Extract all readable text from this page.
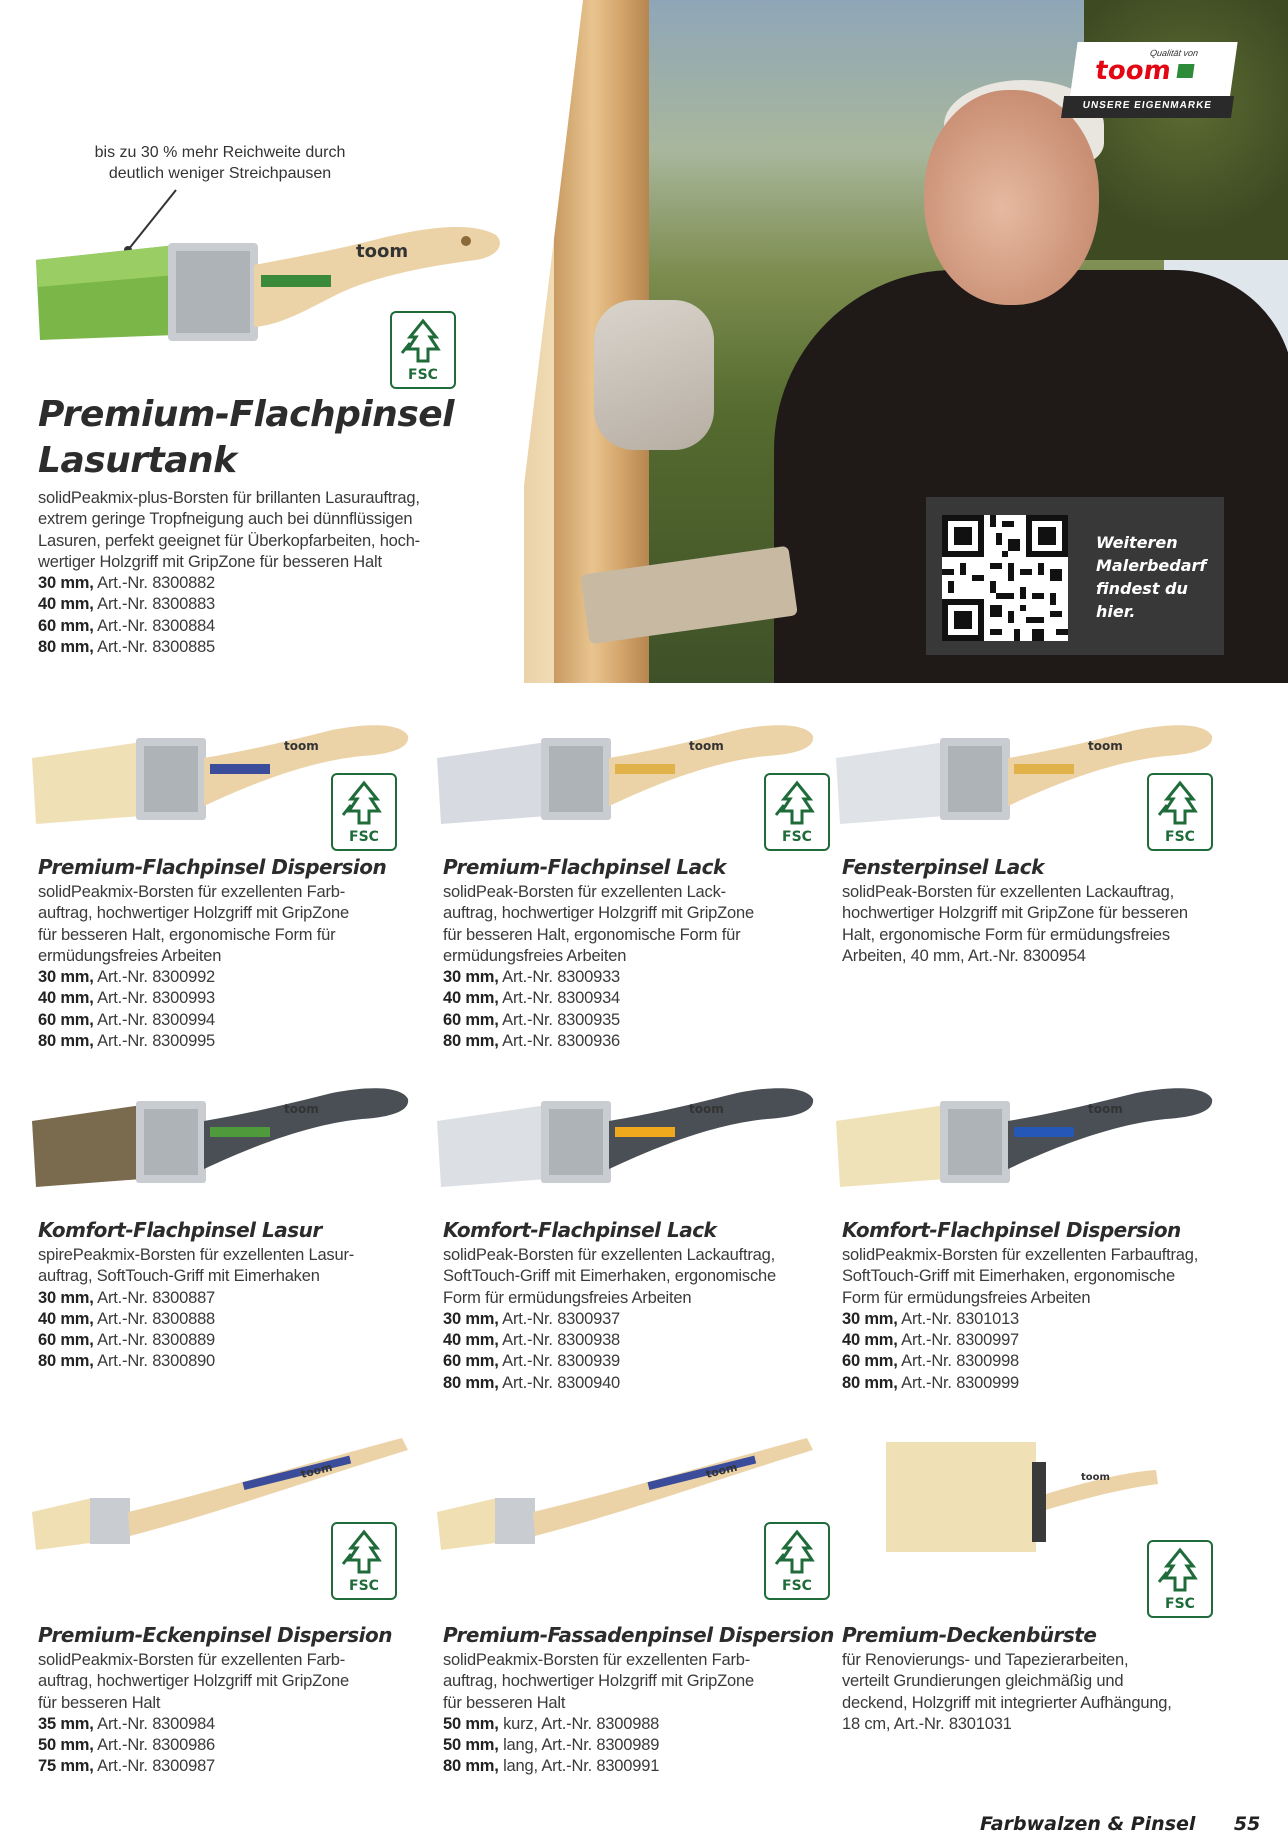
Qualität von
toom
UNSERE EIGENMARKE
Weiteren
Malerbedarf
findest du
hier.
bis zu 30 % mehr Reichweite durch
deutlich weniger Streichpausen
toom
FSC
Premium-Flachpinsel
Lasurtank
solidPeakmix-plus-Borsten für brillanten Lasurauftrag,
extrem geringe Tropfneigung auch bei dünnflüssigen
Lasuren, perfekt geeignet für Überkopfarbeiten, hoch-
wertiger Holzgriff mit GripZone für besseren Halt
30 mm, Art.-Nr. 8300882
40 mm, Art.-Nr. 8300883
60 mm, Art.-Nr. 8300884
80 mm, Art.-Nr. 8300885
toom
FSC
Premium-Flachpinsel Dispersion
solidPeakmix-Borsten für exzellenten Farb-
auftrag, hochwertiger Holzgriff mit GripZone
für besseren Halt, ergonomische Form für
ermüdungsfreies Arbeiten
30 mm, Art.-Nr. 8300992
40 mm, Art.-Nr. 8300993
60 mm, Art.-Nr. 8300994
80 mm, Art.-Nr. 8300995
toom
FSC
Premium-Flachpinsel Lack
solidPeak-Borsten für exzellenten Lack-
auftrag, hochwertiger Holzgriff mit GripZone
für besseren Halt, ergonomische Form für
ermüdungsfreies Arbeiten
30 mm, Art.-Nr. 8300933
40 mm, Art.-Nr. 8300934
60 mm, Art.-Nr. 8300935
80 mm, Art.-Nr. 8300936
toom
FSC
Fensterpinsel Lack
solidPeak-Borsten für exzellenten Lackauftrag,
hochwertiger Holzgriff mit GripZone für besseren
Halt, ergonomische Form für ermüdungsfreies
Arbeiten, 40 mm, Art.-Nr. 8300954
toom
Komfort-Flachpinsel Lasur
spirePeakmix-Borsten für exzellenten Lasur-
auftrag, SoftTouch-Griff mit Eimerhaken
30 mm, Art.-Nr. 8300887
40 mm, Art.-Nr. 8300888
60 mm, Art.-Nr. 8300889
80 mm, Art.-Nr. 8300890
toom
Komfort-Flachpinsel Lack
solidPeak-Borsten für exzellenten Lackauftrag,
SoftTouch-Griff mit Eimerhaken, ergonomische
Form für ermüdungsfreies Arbeiten
30 mm, Art.-Nr. 8300937
40 mm, Art.-Nr. 8300938
60 mm, Art.-Nr. 8300939
80 mm, Art.-Nr. 8300940
toom
Komfort-Flachpinsel Dispersion
solidPeakmix-Borsten für exzellenten Farbauftrag,
SoftTouch-Griff mit Eimerhaken, ergonomische
Form für ermüdungsfreies Arbeiten
30 mm, Art.-Nr. 8301013
40 mm, Art.-Nr. 8300997
60 mm, Art.-Nr. 8300998
80 mm, Art.-Nr. 8300999
toom
FSC
Premium-Eckenpinsel Dispersion
solidPeakmix-Borsten für exzellenten Farb-
auftrag, hochwertiger Holzgriff mit GripZone
für besseren Halt
35 mm, Art.-Nr. 8300984
50 mm, Art.-Nr. 8300986
75 mm, Art.-Nr. 8300987
toom
FSC
Premium-Fassadenpinsel Dispersion
solidPeakmix-Borsten für exzellenten Farb-
auftrag, hochwertiger Holzgriff mit GripZone
für besseren Halt
50 mm, kurz, Art.-Nr. 8300988
50 mm, lang, Art.-Nr. 8300989
80 mm, lang, Art.-Nr. 8300991
toom
FSC
Premium-Deckenbürste
für Renovierungs- und Tapezierarbeiten,
verteilt Grundierungen gleichmäßig und
deckend, Holzgriff mit integrierter Aufhängung,
18 cm, Art.-Nr. 8301031
Farbwalzen & Pinsel 55
